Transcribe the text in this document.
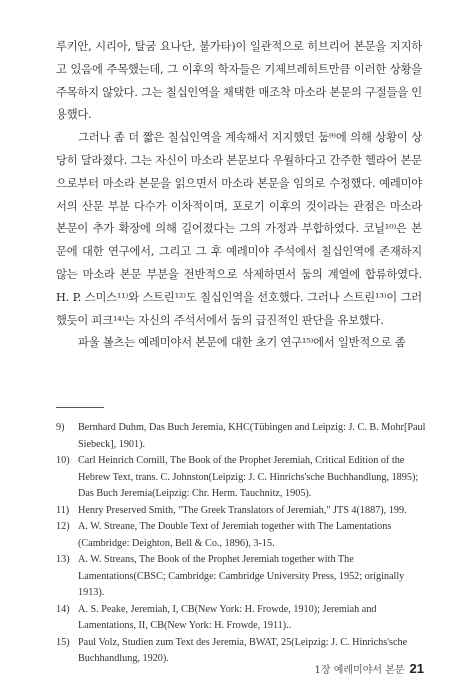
루키안, 시리아, 탈굼 요나단, 불가타)이 일관적으로 히브리어 본문을 지지하고 있음에 주목했는데, 그 이후의 학자들은 기제브레히트만큼 이러한 상황을 주목하지 않았다. 그는 칠십인역을 채택한 매조착 마소라 본문의 구절들을 인용했다.

그러나 좀 더 짧은 칠십인역을 계속해서 지지했던 둠⁹⁾에 의해 상황이 상당히 달라졌다. 그는 자신이 마소라 본문보다 우월하다고 간주한 헬라어 본문으로부터 마소라 본문을 읽으면서 마소라 본문을 임의로 수정했다. 예레미야서의 산문 부분 다수가 이차적이며, 포로기 이후의 것이라는 관점은 마소라 본문이 추가 확장에 의해 길어졌다는 그의 가정과 부합하였다. 코닐¹⁰⁾은 본문에 대한 연구에서, 그리고 그 후 예레미야 주석에서 칠십인역에 존재하지 않는 마소라 본문 부분을 전반적으로 삭제하면서 둠의 계열에 합류하였다. H. P. 스미스¹¹⁾와 스트린¹²⁾도 칠십인역을 선호했다. 그러나 스트린¹³⁾이 그러했듯이 피크¹⁴⁾는 자신의 주석서에서 둠의 급진적인 판단을 유보했다.

파울 볼츠는 예레미야서 본문에 대한 초기 연구¹⁵⁾에서 일반적으로 좀

9)	Bernhard Duhm, Das Buch Jeremia, KHC(Tübingen and Leipzig: J. C. B. Mohr[Paul Siebeck], 1901).
10) Carl Heinrich Cornill, The Book of the Prophet Jeremiah, Critical Edition of the Hebrew Text, trans. C. Johnston(Leipzig: J. C. Hinrichs'sche Buchhandlung, 1895); Das Buch Jeremia(Leipzig: Chr. Herm. Tauchnitz, 1905).
11) Henry Preserved Smith, "The Greek Translators of Jeremiah," JTS 4(1887), 199.
12) A. W. Streane, The Double Text of Jeremiah together with The Lamentations (Cambridge: Deighton, Bell & Co., 1896), 3-15.
13) A. W. Streans, The Book of the Prophet Jeremiah together with The Lamentations(CBSC; Cambridge: Cambridge University Press, 1952; originally 1913).
14) A. S. Peake, Jeremiah, I, CB(New York: H. Frowde, 1910); Jeremiah and Lamentations, II, CB(New York: H. Frowde, 1911)..
15) Paul Volz, Studien zum Text des Jeremia, BWAT, 25(Leipzig: J. C. Hinrichs'sche Buchhandlung, 1920).
1장 예레미야서 본문 21
